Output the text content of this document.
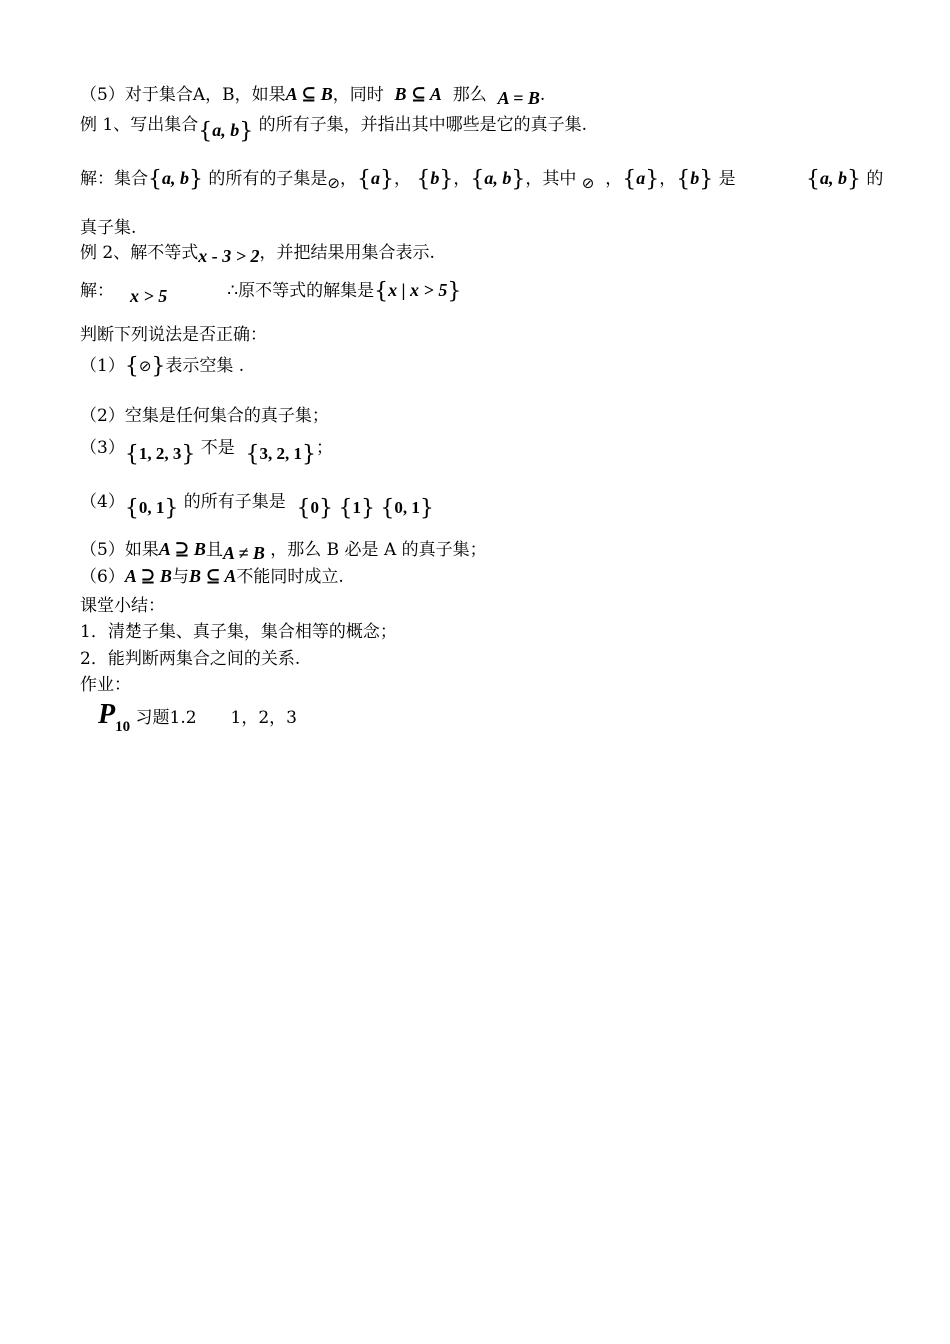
（5）对于集合A，B，如果A ⊆ B，同时  B ⊆ A  那么  A = B.
例 1、写出集合{a, b} 的所有子集，并指出其中哪些是它的真子集.
解：集合{a, b} 的所有的子集是⊘，{a}， {b}，{a, b}，其中 ⊘ ，{a}，{b} 是	{a, b} 的
真子集.
例 2、解不等式x - 3 > 2，并把结果用集合表示.
解： x > 5	∴原不等式的解集是{x | x > 5}
判断下列说法是否正确：
（1）{⊘}表示空集 .
（2）空集是任何集合的真子集；
（3）{1, 2, 3} 不是 {3, 2, 1}；
（4）{0, 1} 的所有子集是 {0} {1} {0, 1}
（5）如果A ⊇ B且A ≠ B ，那么 B 必是 A 的真子集；
（6）A ⊇ B与B ⊆ A不能同时成立.
课堂小结：
1．清楚子集、真子集，集合相等的概念；
2．能判断两集合之间的关系.
作业：
P10 习题1.2　　1，2，3
